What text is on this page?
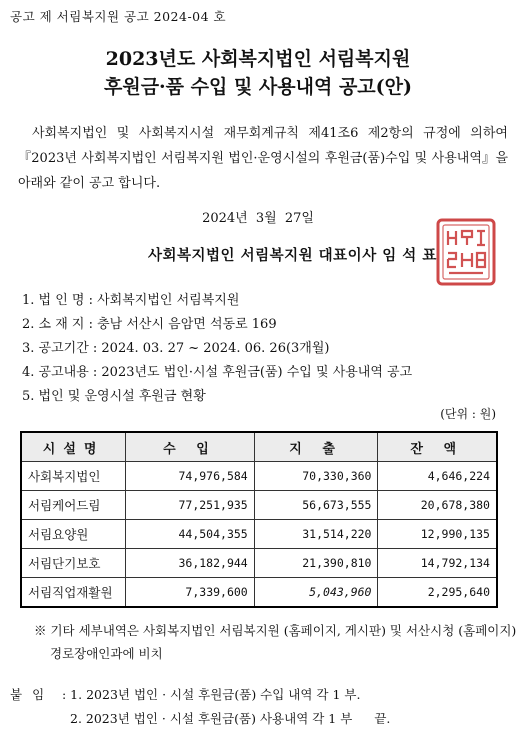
공고 제 서림복지원 공고 2024-04 호
2023년도 사회복지법인 서림복지원
후원금·품 수입 및 사용내역 공고(안)
사회복지법인 및 사회복지시설 재무회계규칙 제41조6 제2항의 규정에 의하여『2023년 사회복지법인 서림복지원 법인·운영시설의 후원금(품)수입 및 사용내역』을 아래와 같이 공고 합니다.
2024년 3월 27일
사회복지법인 서림복지원 대표이사 임 석 표
1. 법 인 명 : 사회복지법인 서림복지원
2. 소 재 지 : 충남 서산시 음암면 석동로 169
3. 공고기간 : 2024. 03. 27 ~ 2024. 06. 26(3개월)
4. 공고내용 : 2023년도 법인·시설 후원금(품) 수입 및 사용내역 공고
5. 법인 및 운영시설 후원금 현황
(단위 : 원)
시설명	수 입	지 출	잔 액
사회복지법인	74,976,584	70,330,360	4,646,224
서림케어드림	77,251,935	56,673,555	20,678,380
서림요양원	44,504,355	31,514,220	12,990,135
서림단기보호	36,182,944	21,390,810	14,792,134
서림직업재활원	7,339,600	5,043,960	2,295,640
※ 기타 세부내역은 사회복지법인 서림복지원 (홈페이지, 게시판) 및 서산시청 (홈페이지) 경로장애인과에 비치
붙임 : 1. 2023년 법인 · 시설 후원금(품) 수입 내역 각 1 부.
2. 2023년 법인 · 시설 후원금(품) 사용내역 각 1 부 끝.
